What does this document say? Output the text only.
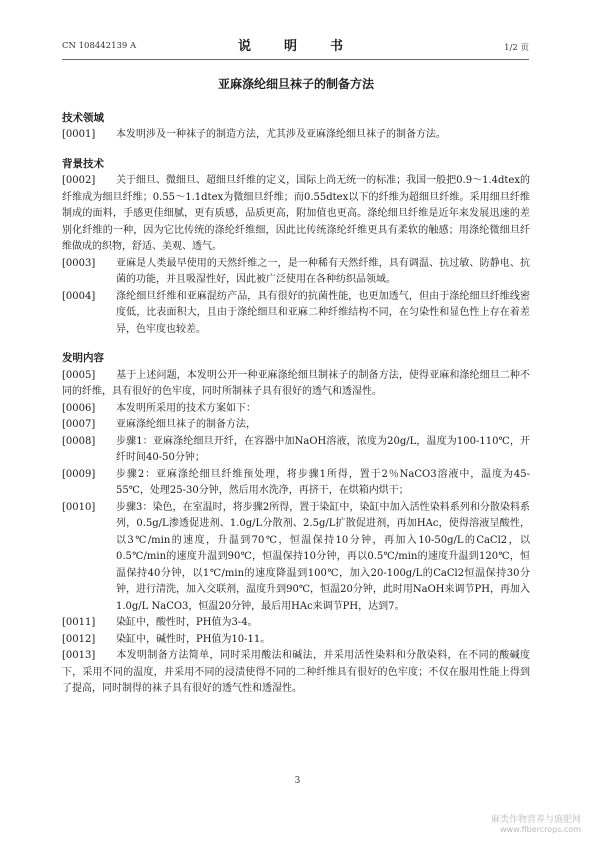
CN 108442139 A	说　明　书	1/2 页
亚麻涤纶细旦袜子的制备方法
技术领域
[0001] 本发明涉及一种袜子的制造方法，尤其涉及亚麻涤纶细旦袜子的制备方法。
背景技术
[0002] 关于细旦、微细旦、超细旦纤维的定义，国际上尚无统一的标准；我国一般把0.9～1.4dtex的纤维成为细旦纤维；0.55～1.1dtex为微细旦纤维；而0.55dtex以下的纤维为超细旦纤维。采用细旦纤维制成的面料，手感更佳细腻，更有质感，品质更高，附加值也更高。涤纶细旦纤维是近年来发展迅速的差别化纤维的一种，因为它比传统的涤纶纤维细，因此比传统涤纶纤维更具有柔软的触感；用涤纶微细旦纤维做成的织物，舒适、美观、透气。
[0003] 亚麻是人类最早使用的天然纤维之一，是一种稀有天然纤维，具有调温、抗过敏、防静电、抗菌的功能，并且吸湿性好，因此被广泛使用在各种纺织品领域。
[0004] 涤纶细旦纤维和亚麻混纺产品，具有很好的抗菌性能，也更加透气，但由于涤纶细旦纤维线密度低，比表面积大，且由于涤纶细旦和亚麻二种纤维结构不同，在匀染性和显色性上存在着差异，色牢度也较差。
发明内容
[0005] 基于上述问题，本发明公开一种亚麻涤纶细旦制袜子的制备方法，使得亚麻和涤纶细旦二种不同的纤维，具有很好的色牢度，同时所制袜子具有很好的透气和透湿性。
[0006] 本发明所采用的技术方案如下：
[0007] 亚麻涤纶细旦袜子的制备方法，
[0008] 步骤1：亚麻涤纶细旦开纤，在容器中加NaOH溶液，浓度为20g/L，温度为100-110℃，开纤时间40-50分钟；
[0009] 步骤2：亚麻涤纶细旦纤维预处理，将步骤1所得，置于2％NaCO3溶液中，温度为45-55℃，处理25-30分钟，然后用水洗净，再挤干，在烘箱内烘干；
[0010] 步骤3：染色，在室温时，将步骤2所得，置于染缸中，染缸中加入活性染料系列和分散染料系列，0.5g/L渗透促进剂、1.0g/L分散剂、2.5g/L扩散促进剂，再加HAc，使得溶液呈酸性，以3℃/min的速度，升温到70℃，恒温保持10分钟，再加入10-50g/L的CaCl2，以0.5℃/min的速度升温到90℃，恒温保持10分钟，再以0.5℃/min的速度升温到120℃，恒温保持40分钟，以1℃/min的速度降温到100℃，加入20-100g/L的CaCl2恒温保持30分钟，进行清洗，加入交联剂，温度升到90℃，恒温20分钟，此时用NaOH来调节PH，再加入1.0g/L NaCO3，恒温20分钟，最后用HAc来调节PH，达到7。
[0011] 染缸中，酸性时，PH值为3-4。
[0012] 染缸中，碱性时，PH值为10-11。
[0013] 本发明制备方法简单，同时采用酸法和碱法，并采用活性染料和分散染料，在不同的酸碱度下，采用不同的温度，并采用不同的浸渍使得不同的二种纤维具有很好的色牢度；不仅在服用性能上得到了提高，同时制得的袜子具有很好的透气性和透湿性。
3
麻类作物营养与施肥网
www.fibercrops.com
